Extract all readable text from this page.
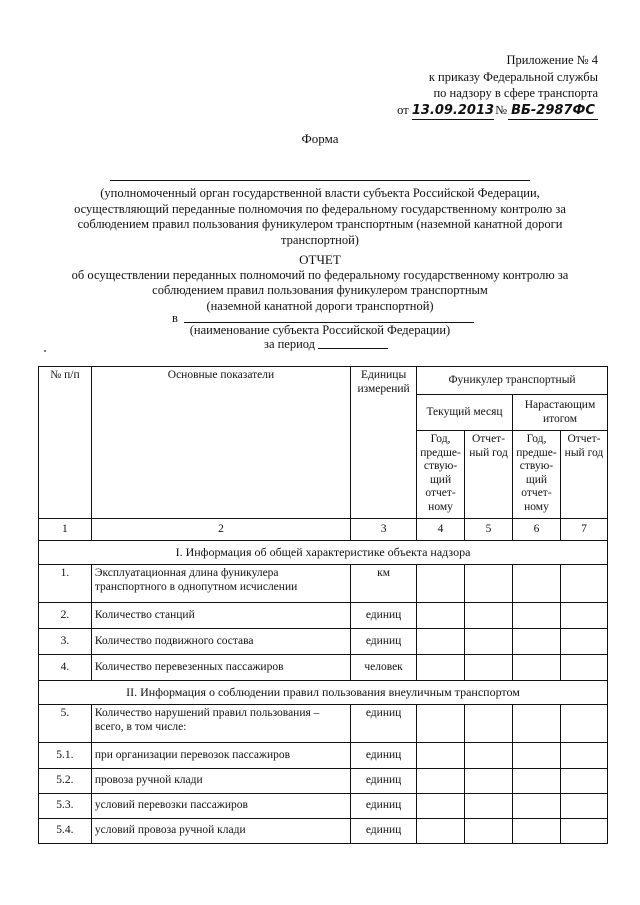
Приложение № 4
к приказу Федеральной службы
по надзору в сфере транспорта
от 13.09.2013№ ВБ-2987ФС
Форма
(уполномоченный орган государственной власти субъекта Российской Федерации,
осуществляющий переданные полномочия по федеральному государственному контролю за
соблюдением правил пользования фуникулером транспортным (наземной канатной дороги
транспортной)
ОТЧЕТ
об осуществлении переданных полномочий по федеральному государственному контролю за
соблюдением правил пользования фуникулером транспортным
(наземной канатной дороги транспортной)
в
(наименование субъекта Российской Федерации)
за период
№ п/п	Основные показатели	Единицы измерений	Фуникулер транспортный			
			Текущий месяц		Нарастающим итогом	
			Год, предше-ствую-щий отчет-ному	Отчет-ный год	Год, предше-ствую-щий отчет-ному	Отчет-ный год
1	2	3	4	5	6	7
I. Информация об общей характеристике объекта надзора						
1.	Эксплуатационная длина фуникулера транспортного в однопутном исчислении	км				
2.	Количество станций	единиц				
3.	Количество подвижного состава	единиц				
4.	Количество перевезенных пассажиров	человек				
II. Информация о соблюдении правил пользования внеуличным транспортом						
5.	Количество нарушений правил пользования – всего, в том числе:	единиц				
5.1.	при организации перевозок пассажиров	единиц				
5.2.	провоза ручной клади	единиц				
5.3.	условий перевозки пассажиров	единиц				
5.4.	условий провоза ручной клади	единиц				
